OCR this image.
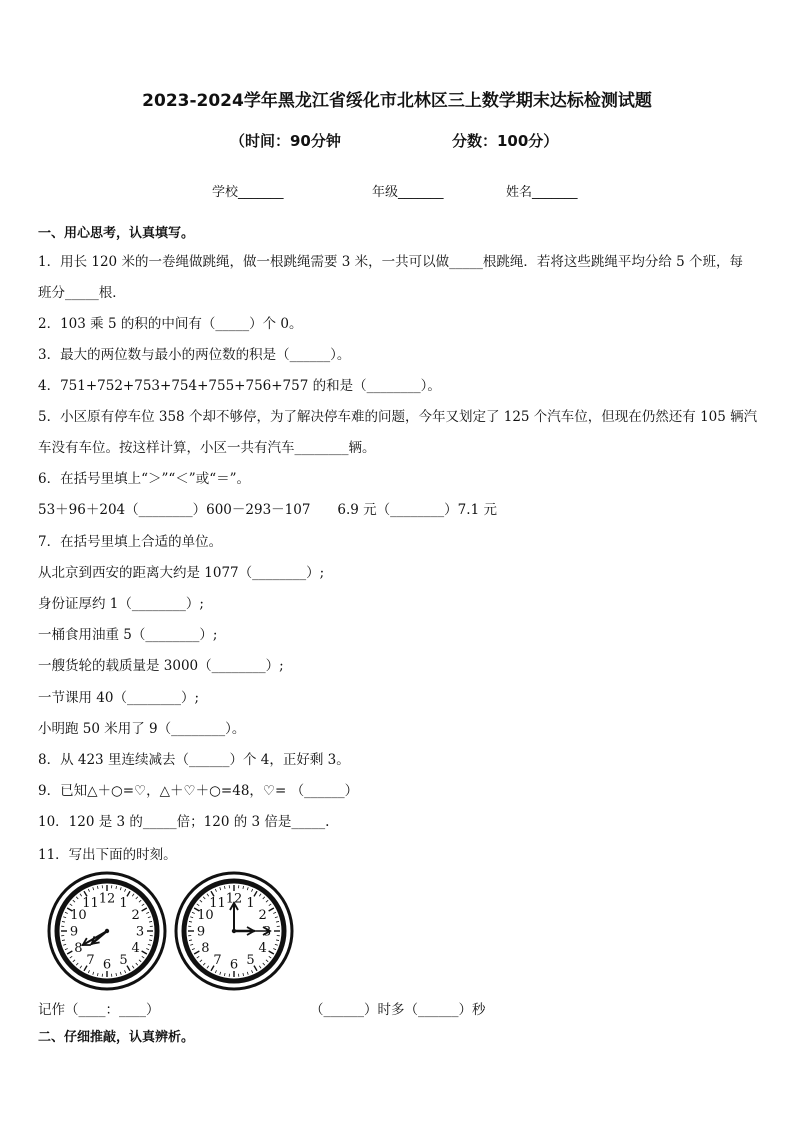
2023-2024学年黑龙江省绥化市北林区三上数学期末达标检测试题
（时间：90分钟	分数：100分）
学校_______	年级_______	姓名_______
一、用心思考，认真填写。
1．用长 120 米的一卷绳做跳绳，做一根跳绳需要 3 米，一共可以做_____根跳绳．若将这些跳绳平均分给 5 个班，每
班分_____根．
2．103 乘 5 的积的中间有（_____）个 0。
3．最大的两位数与最小的两位数的积是（______）。
4．751+752+753+754+755+756+757 的和是（________）。
5．小区原有停车位 358 个却不够停，为了解决停车难的问题，今年又划定了 125 个汽车位，但现在仍然还有 105 辆汽
车没有车位。按这样计算，小区一共有汽车________辆。
6．在括号里填上“＞”“＜”或“＝”。
53＋96＋204（________）600－293－107　　6.9 元（________）7.1 元
7．在括号里填上合适的单位。
从北京到西安的距离大约是 1077（________）;
身份证厚约 1（________）;
一桶食用油重 5（________）;
一艘货轮的载质量是 3000（________）;
一节课用 40（________）;
小明跑 50 米用了 9（________）。
8．从 423 里连续减去（______）个 4，正好剩 3。
9．已知△＋○=♡，△＋♡＋○=48，♡= （______）
10．120 是 3 的_____倍；120 的 3 倍是_____.
11．写出下面的时刻。
12 1
2
3
4
5
6
7
8
9
10
11	12 1
2
3
4
5
6
7
8
9
10
11
记作（____：____）	（______）时多（______）秒
二、仔细推敲，认真辨析。
